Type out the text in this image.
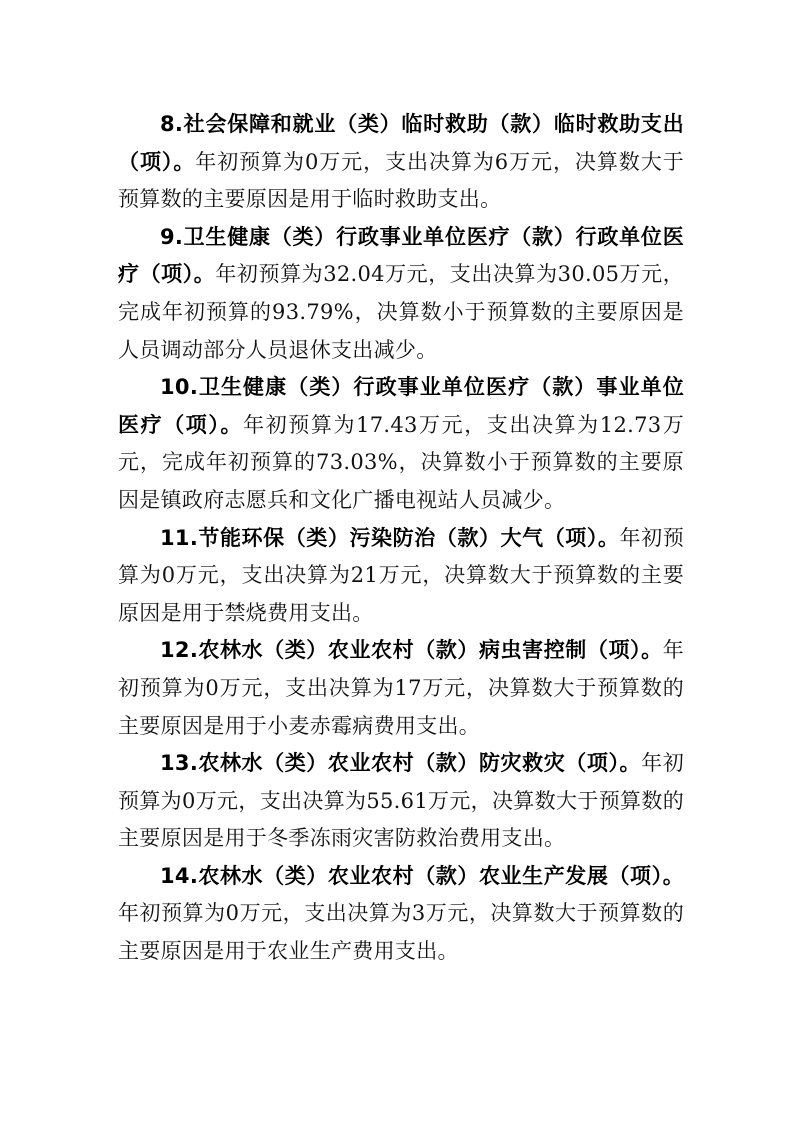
8.社会保障和就业（类）临时救助（款）临时救助支出（项）。年初预算为0万元，支出决算为6万元，决算数大于预算数的主要原因是用于临时救助支出。

9.卫生健康（类）行政事业单位医疗（款）行政单位医疗（项）。年初预算为32.04万元，支出决算为30.05万元，完成年初预算的93.79%，决算数小于预算数的主要原因是人员调动部分人员退休支出减少。

10.卫生健康（类）行政事业单位医疗（款）事业单位医疗（项）。年初预算为17.43万元，支出决算为12.73万元，完成年初预算的73.03%，决算数小于预算数的主要原因是镇政府志愿兵和文化广播电视站人员减少。

11.节能环保（类）污染防治（款）大气（项）。年初预算为0万元，支出决算为21万元，决算数大于预算数的主要原因是用于禁烧费用支出。

12.农林水（类）农业农村（款）病虫害控制（项）。年初预算为0万元，支出决算为17万元，决算数大于预算数的主要原因是用于小麦赤霉病费用支出。

13.农林水（类）农业农村（款）防灾救灾（项）。年初预算为0万元，支出决算为55.61万元，决算数大于预算数的主要原因是用于冬季冻雨灾害防救治费用支出。

14.农林水（类）农业农村（款）农业生产发展（项）。年初预算为0万元，支出决算为3万元，决算数大于预算数的主要原因是用于农业生产费用支出。
